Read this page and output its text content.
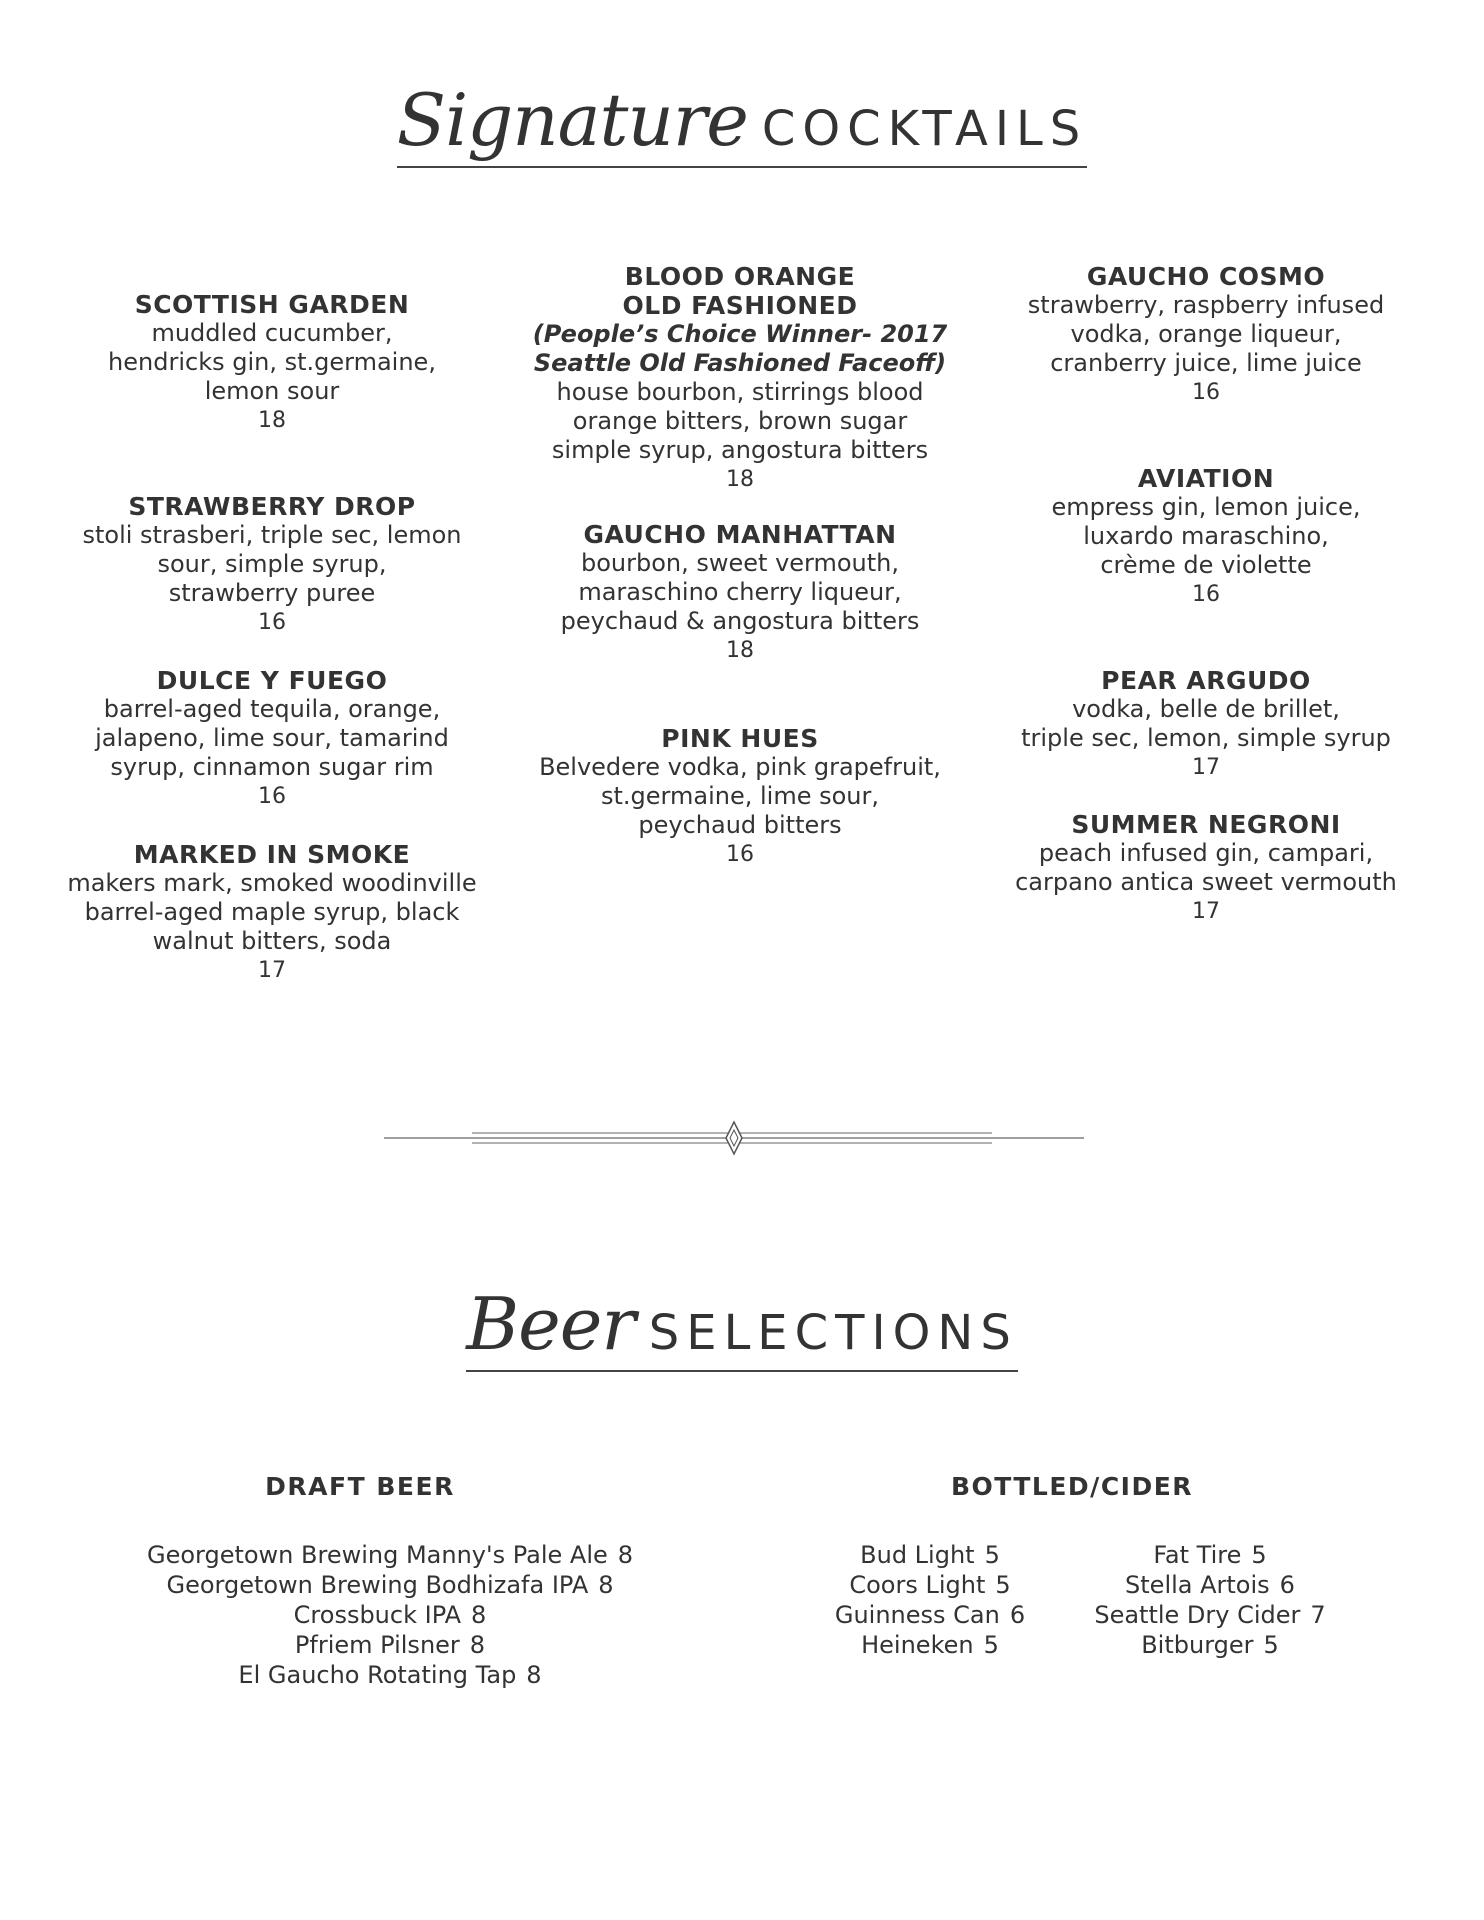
Signature COCKTAILS
SCOTTISH GARDEN
muddled cucumber,
hendricks gin, st.germaine,
lemon sour
18
STRAWBERRY DROP
stoli strasberi, triple sec, lemon
sour, simple syrup,
strawberry puree
16
DULCE Y FUEGO
barrel-aged tequila, orange,
jalapeno, lime sour, tamarind
syrup, cinnamon sugar rim
16
MARKED IN SMOKE
makers mark, smoked woodinville
barrel-aged maple syrup, black
walnut bitters, soda
17
BLOOD ORANGE
OLD FASHIONED
(People’s Choice Winner- 2017
Seattle Old Fashioned Faceoff)
house bourbon, stirrings blood
orange bitters, brown sugar
simple syrup, angostura bitters
18
GAUCHO MANHATTAN
bourbon, sweet vermouth,
maraschino cherry liqueur,
peychaud & angostura bitters
18
PINK HUES
Belvedere vodka, pink grapefruit,
st.germaine, lime sour,
peychaud bitters
16
GAUCHO COSMO
strawberry, raspberry infused
vodka, orange liqueur,
cranberry juice, lime juice
16
AVIATION
empress gin, lemon juice,
luxardo maraschino,
crème de violette
16
PEAR ARGUDO
vodka, belle de brillet,
triple sec, lemon, simple syrup
17
SUMMER NEGRONI
peach infused gin, campari,
carpano antica sweet vermouth
17
Beer SELECTIONS
DRAFT BEER
Georgetown Brewing Manny's Pale Ale 8
Georgetown Brewing Bodhizafa IPA 8
Crossbuck IPA 8
Pfriem Pilsner 8
El Gaucho Rotating Tap 8
BOTTLED/CIDER
Bud Light 5
Coors Light 5
Guinness Can 6
Heineken 5
Fat Tire 5
Stella Artois 6
Seattle Dry Cider 7
Bitburger 5
